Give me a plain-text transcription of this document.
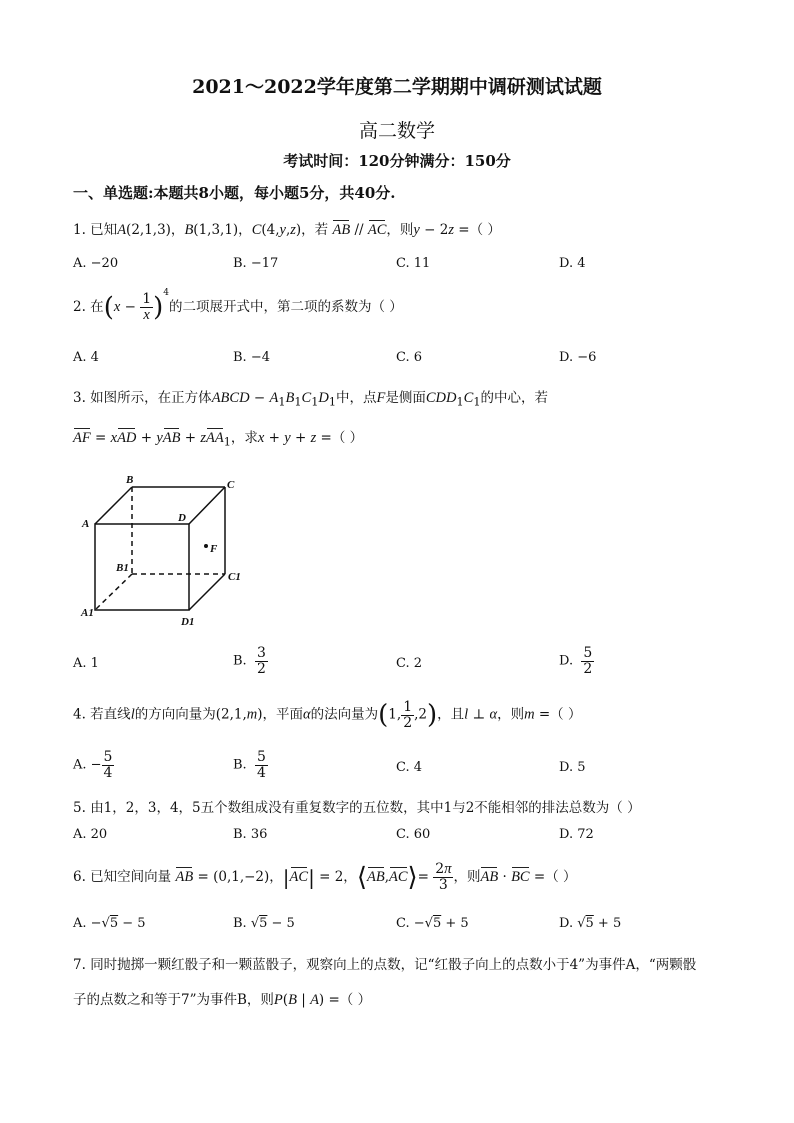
2021～2022学年度第二学期期中调研测试试题
高二数学
考试时间：120分钟满分：150分
一、单选题:本题共8小题，每小题5分，共40分.
1. 已知A(2,1,3)，B(1,3,1)，C(4,y,z)，若 AB // AC，则y − 2z =（ ）
A. −20	B. −17	C. 11	D. 4
2. 在$(x - \frac{1}{x} )^4$的二项展开式中，第二项的系数为（ ）
A. 4	B. −4	C. 6	D. −6
3. 如图所示，在正方体ABCD − $A_1B_1C_1D_1$中，点F是侧面$CDD_1C_1$的中心，若
AF = xAD + yAB + zAA$_1$，求x + y + z =（ ）
B	C
A	D
F
B1
C1
A1
D1
A. 1	B. $\frac{3}{2}$	C. 2	D. $\frac{5}{2}$
4. 若直线l的方向向量为(2,1,m)，平面α的法向量为(1, $\frac{1}{2} ,2$)，且l ⊥ α，则m =（ ）
A. − $\frac{5}{4}$	B. $\frac{5}{4}$	C. 4	D. 5
5. 由1，2，3，4，5五个数组成没有重复数字的五位数，其中1与2不能相邻的排法总数为（ ）
A. 20	B. 36	C. 60	D. 72
6. 已知空间向量 AB = (0,1,−2)，|AC| = 2，⟨AB,AC⟩= $\frac{2\pi}{3}$ ，则AB · BC =（ ）
A. −√5 − 5	B. √5 − 5	C. −√5 + 5	D. √5 + 5
7. 同时抛掷一颗红骰子和一颗蓝骰子，观察向上的点数，记“红骰子向上的点数小于4”为事件A，“两颗骰
子的点数之和等于7”为事件B，则P(B | A) =（ ）
